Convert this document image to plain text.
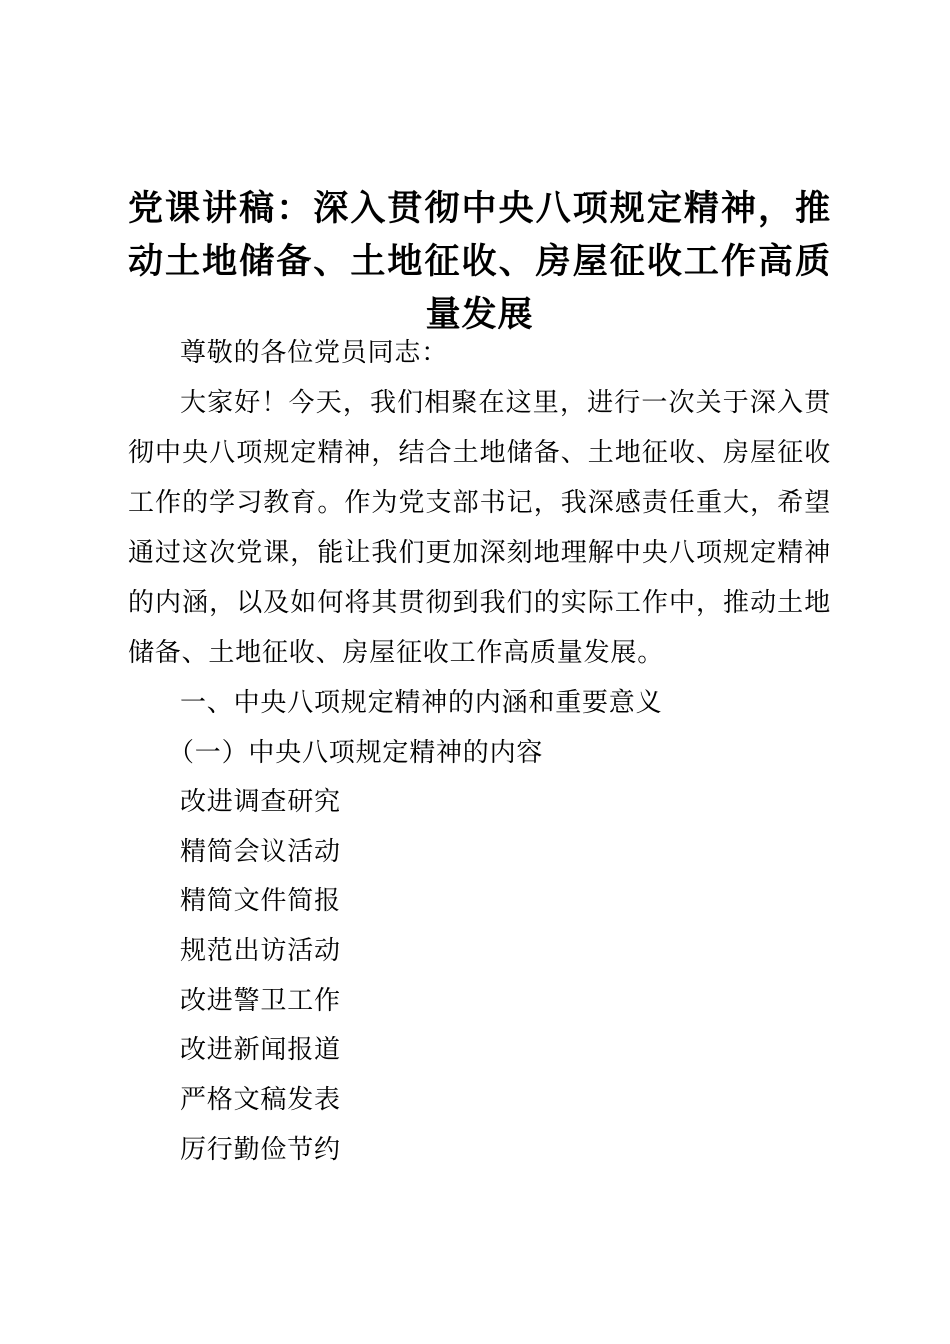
党课讲稿：深入贯彻中央八项规定精神，推动土地储备、土地征收、房屋征收工作高质量发展

尊敬的各位党员同志：

大家好！今天，我们相聚在这里，进行一次关于深入贯彻中央八项规定精神，结合土地储备、土地征收、房屋征收工作的学习教育。作为党支部书记，我深感责任重大，希望通过这次党课，能让我们更加深刻地理解中央八项规定精神的内涵，以及如何将其贯彻到我们的实际工作中，推动土地储备、土地征收、房屋征收工作高质量发展。

一、中央八项规定精神的内涵和重要意义

（一）中央八项规定精神的内容

改进调查研究

精简会议活动

精简文件简报

规范出访活动

改进警卫工作

改进新闻报道

严格文稿发表

厉行勤俭节约
